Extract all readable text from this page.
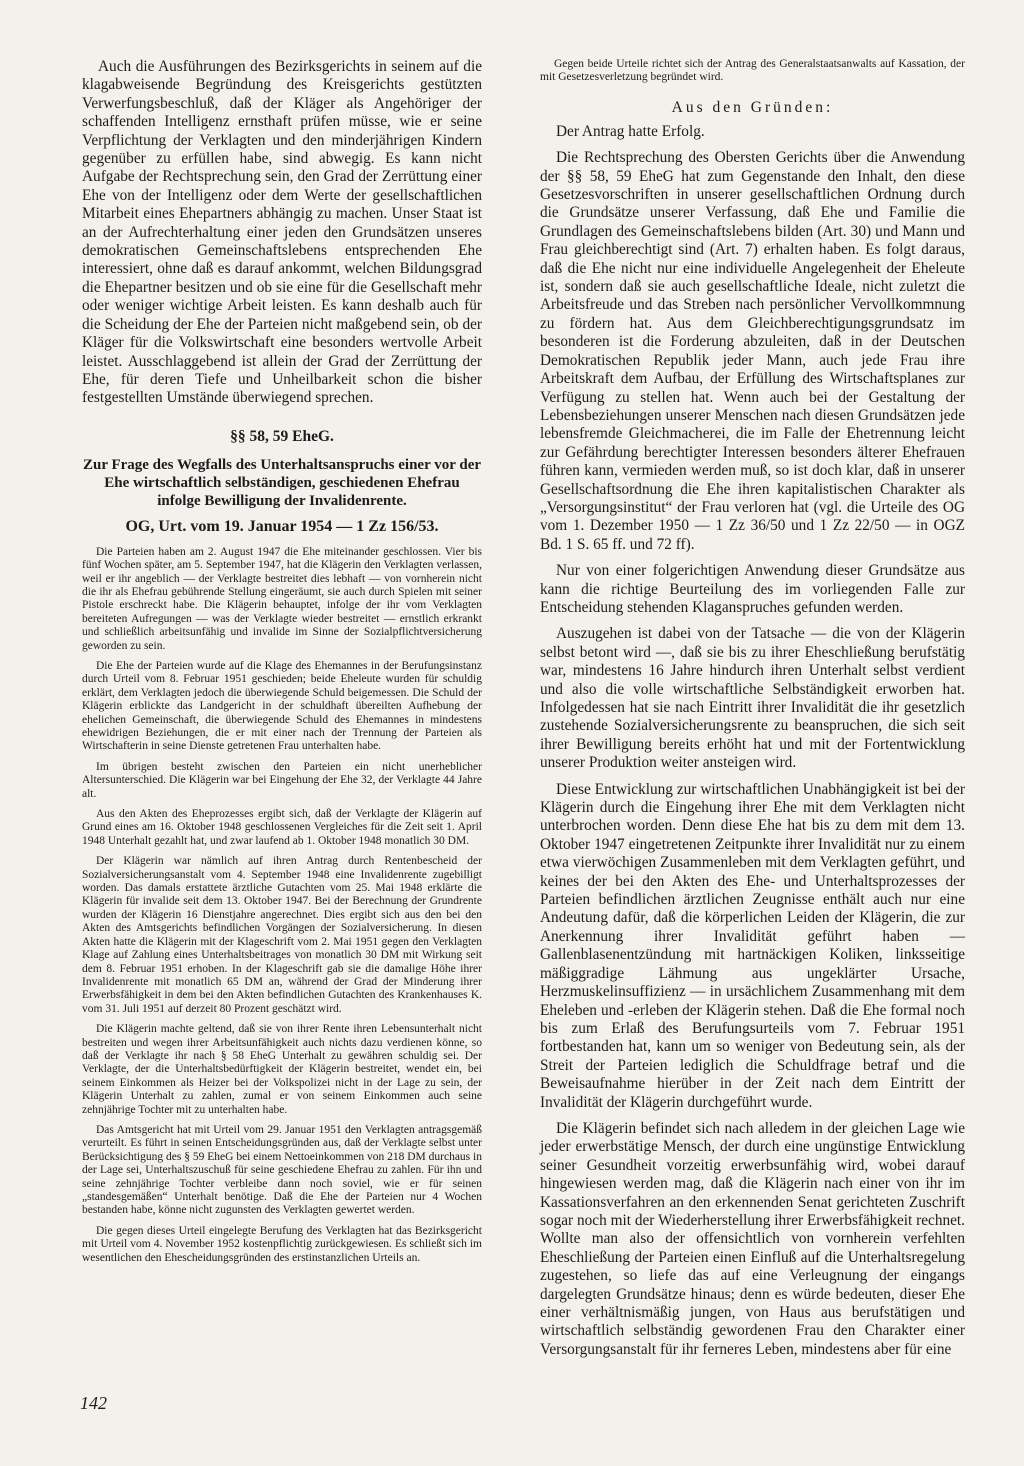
Auch die Ausführungen des Bezirksgerichts in seinem auf die klagabweisende Begründung des Kreisgerichts gestützten Verwerfungsbeschluß, daß der Kläger als Angehöriger der schaffenden Intelligenz ernsthaft prüfen müsse, wie er seine Verpflichtung der Verklagten und den minderjährigen Kindern gegenüber zu erfüllen habe, sind abwegig. Es kann nicht Aufgabe der Rechtsprechung sein, den Grad der Zerrüttung einer Ehe von der Intelligenz oder dem Werte der gesellschaftlichen Mitarbeit eines Ehepartners abhängig zu machen. Unser Staat ist an der Aufrechterhaltung einer jeden den Grundsätzen unseres demokratischen Gemeinschaftslebens entsprechenden Ehe interessiert, ohne daß es darauf ankommt, welchen Bildungsgrad die Ehepartner besitzen und ob sie eine für die Gesellschaft mehr oder weniger wichtige Arbeit leisten. Es kann deshalb auch für die Scheidung der Ehe der Parteien nicht maßgebend sein, ob der Kläger für die Volkswirtschaft eine besonders wertvolle Arbeit leistet. Ausschlaggebend ist allein der Grad der Zerrüttung der Ehe, für deren Tiefe und Unheilbarkeit schon die bisher festgestellten Umstände überwiegend sprechen.

§§ 58, 59 EheG.
Zur Frage des Wegfalls des Unterhaltsanspruchs einer vor der Ehe wirtschaftlich selbständigen, geschiedenen Ehefrau infolge Bewilligung der Invalidenrente.
OG, Urt. vom 19. Januar 1954 — 1 Zz 156/53.

Die Parteien haben am 2. August 1947 die Ehe miteinander geschlossen. Vier bis fünf Wochen später, am 5. September 1947, hat die Klägerin den Verklagten verlassen, weil er ihr angeblich — der Verklagte bestreitet dies lebhaft — von vornherein nicht die ihr als Ehefrau gebührende Stellung eingeräumt, sie auch durch Spielen mit seiner Pistole erschreckt habe. Die Klägerin behauptet, infolge der ihr vom Verklagten bereiteten Aufregungen — was der Verklagte wieder bestreitet — ernstlich erkrankt und schließlich arbeitsunfähig und invalide im Sinne der Sozialpflichtversicherung geworden zu sein.

Die Ehe der Parteien wurde auf die Klage des Ehemannes in der Berufungsinstanz durch Urteil vom 8. Februar 1951 geschieden; beide Eheleute wurden für schuldig erklärt, dem Verklagten jedoch die überwiegende Schuld beigemessen. Die Schuld der Klägerin erblickte das Landgericht in der schuldhaft übereilten Aufhebung der ehelichen Gemeinschaft, die überwiegende Schuld des Ehemannes in mindestens ehewidrigen Beziehungen, die er mit einer nach der Trennung der Parteien als Wirtschafterin in seine Dienste getretenen Frau unterhalten habe.

Im übrigen besteht zwischen den Parteien ein nicht unerheblicher Altersunterschied. Die Klägerin war bei Eingehung der Ehe 32, der Verklagte 44 Jahre alt.

Aus den Akten des Eheprozesses ergibt sich, daß der Verklagte der Klägerin auf Grund eines am 16. Oktober 1948 geschlossenen Vergleiches für die Zeit seit 1. April 1948 Unterhalt gezahlt hat, und zwar laufend ab 1. Oktober 1948 monatlich 30 DM.

Der Klägerin war nämlich auf ihren Antrag durch Rentenbescheid der Sozialversicherungsanstalt vom 4. September 1948 eine Invalidenrente zugebilligt worden. Das damals erstattete ärztliche Gutachten vom 25. Mai 1948 erklärte die Klägerin für invalide seit dem 13. Oktober 1947. Bei der Berechnung der Grundrente wurden der Klägerin 16 Dienstjahre angerechnet. Dies ergibt sich aus den bei den Akten des Amtsgerichts befindlichen Vorgängen der Sozialversicherung. In diesen Akten hatte die Klägerin mit der Klageschrift vom 2. Mai 1951 gegen den Verklagten Klage auf Zahlung eines Unterhaltsbeitrages von monatlich 30 DM mit Wirkung seit dem 8. Februar 1951 erhoben. In der Klageschrift gab sie die damalige Höhe ihrer Invalidenrente mit monatlich 65 DM an, während der Grad der Minderung ihrer Erwerbsfähigkeit in dem bei den Akten befindlichen Gutachten des Krankenhauses K. vom 31. Juli 1951 auf derzeit 80 Prozent geschätzt wird.

Die Klägerin machte geltend, daß sie von ihrer Rente ihren Lebensunterhalt nicht bestreiten und wegen ihrer Arbeitsunfähigkeit auch nichts dazu verdienen könne, so daß der Verklagte ihr nach § 58 EheG Unterhalt zu gewähren schuldig sei. Der Verklagte, der die Unterhaltsbedürftigkeit der Klägerin bestreitet, wendet ein, bei seinem Einkommen als Heizer bei der Volkspolizei nicht in der Lage zu sein, der Klägerin Unterhalt zu zahlen, zumal er von seinem Einkommen auch seine zehnjährige Tochter mit zu unterhalten habe.

Das Amtsgericht hat mit Urteil vom 29. Januar 1951 den Verklagten antragsgemäß verurteilt. Es führt in seinen Entscheidungsgründen aus, daß der Verklagte selbst unter Berücksichtigung des § 59 EheG bei einem Nettoeinkommen von 218 DM durchaus in der Lage sei, Unterhaltszuschuß für seine geschiedene Ehefrau zu zahlen. Für ihn und seine zehnjährige Tochter verbleibe dann noch soviel, wie er für seinen „standesgemäßen“ Unterhalt benötige. Daß die Ehe der Parteien nur 4 Wochen bestanden habe, könne nicht zugunsten des Verklagten gewertet werden.

Die gegen dieses Urteil eingelegte Berufung des Verklagten hat das Bezirksgericht mit Urteil vom 4. November 1952 kostenpflichtig zurückgewiesen. Es schließt sich im wesentlichen den Ehescheidungsgründen des erstinstanzlichen Urteils an.

Gegen beide Urteile richtet sich der Antrag des Generalstaatsanwalts auf Kassation, der mit Gesetzesverletzung begründet wird.

Aus den Gründen:

Der Antrag hatte Erfolg.

Die Rechtsprechung des Obersten Gerichts über die Anwendung der §§ 58, 59 EheG hat zum Gegenstande den Inhalt, den diese Gesetzesvorschriften in unserer gesellschaftlichen Ordnung durch die Grundsätze unserer Verfassung, daß Ehe und Familie die Grundlagen des Gemeinschaftslebens bilden (Art. 30) und Mann und Frau gleichberechtigt sind (Art. 7) erhalten haben. Es folgt daraus, daß die Ehe nicht nur eine individuelle Angelegenheit der Eheleute ist, sondern daß sie auch gesellschaftliche Ideale, nicht zuletzt die Arbeitsfreude und das Streben nach persönlicher Vervollkommnung zu fördern hat. Aus dem Gleichberechtigungsgrundsatz im besonderen ist die Forderung abzuleiten, daß in der Deutschen Demokratischen Republik jeder Mann, auch jede Frau ihre Arbeitskraft dem Aufbau, der Erfüllung des Wirtschaftsplanes zur Verfügung zu stellen hat. Wenn auch bei der Gestaltung der Lebensbeziehungen unserer Menschen nach diesen Grundsätzen jede lebensfremde Gleichmacherei, die im Falle der Ehetrennung leicht zur Gefährdung berechtigter Interessen besonders älterer Ehefrauen führen kann, vermieden werden muß, so ist doch klar, daß in unserer Gesellschaftsordnung die Ehe ihren kapitalistischen Charakter als „Versorgungsinstitut“ der Frau verloren hat (vgl. die Urteile des OG vom 1. Dezember 1950 — 1 Zz 36/50 und 1 Zz 22/50 — in OGZ Bd. 1 S. 65 ff. und 72 ff).

Nur von einer folgerichtigen Anwendung dieser Grundsätze aus kann die richtige Beurteilung des im vorliegenden Falle zur Entscheidung stehenden Klaganspruches gefunden werden.

Auszugehen ist dabei von der Tatsache — die von der Klägerin selbst betont wird —, daß sie bis zu ihrer Eheschließung berufstätig war, mindestens 16 Jahre hindurch ihren Unterhalt selbst verdient und also die volle wirtschaftliche Selbständigkeit erworben hat. Infolgedessen hat sie nach Eintritt ihrer Invalidität die ihr gesetzlich zustehende Sozialversicherungsrente zu beanspruchen, die sich seit ihrer Bewilligung bereits erhöht hat und mit der Fortentwicklung unserer Produktion weiter ansteigen wird.

Diese Entwicklung zur wirtschaftlichen Unabhängigkeit ist bei der Klägerin durch die Eingehung ihrer Ehe mit dem Verklagten nicht unterbrochen worden. Denn diese Ehe hat bis zu dem mit dem 13. Oktober 1947 eingetretenen Zeitpunkte ihrer Invalidität nur zu einem etwa vierwöchigen Zusammenleben mit dem Verklagten geführt, und keines der bei den Akten des Ehe- und Unterhaltsprozesses der Parteien befindlichen ärztlichen Zeugnisse enthält auch nur eine Andeutung dafür, daß die körperlichen Leiden der Klägerin, die zur Anerkennung ihrer Invalidität geführt haben — Gallenblasenentzündung mit hartnäckigen Koliken, linksseitige mäßiggradige Lähmung aus ungeklärter Ursache, Herzmuskelinsuffizienz — in ursächlichem Zusammenhang mit dem Eheleben und -erleben der Klägerin stehen. Daß die Ehe formal noch bis zum Erlaß des Berufungsurteils vom 7. Februar 1951 fortbestanden hat, kann um so weniger von Bedeutung sein, als der Streit der Parteien lediglich die Schuldfrage betraf und die Beweisaufnahme hierüber in der Zeit nach dem Eintritt der Invalidität der Klägerin durchgeführt wurde.

Die Klägerin befindet sich nach alledem in der gleichen Lage wie jeder erwerbstätige Mensch, der durch eine ungünstige Entwicklung seiner Gesundheit vorzeitig erwerbsunfähig wird, wobei darauf hingewiesen werden mag, daß die Klägerin nach einer von ihr im Kassationsverfahren an den erkennenden Senat gerichteten Zuschrift sogar noch mit der Wiederherstellung ihrer Erwerbsfähigkeit rechnet. Wollte man also der offensichtlich von vornherein verfehlten Eheschließung der Parteien einen Einfluß auf die Unterhaltsregelung zugestehen, so liefe das auf eine Verleugnung der eingangs dargelegten Grundsätze hinaus; denn es würde bedeuten, dieser Ehe einer verhältnismäßig jungen, von Haus aus berufstätigen und wirtschaftlich selbständig gewordenen Frau den Charakter einer Versorgungsanstalt für ihr ferneres Leben, mindestens aber für eine

142
